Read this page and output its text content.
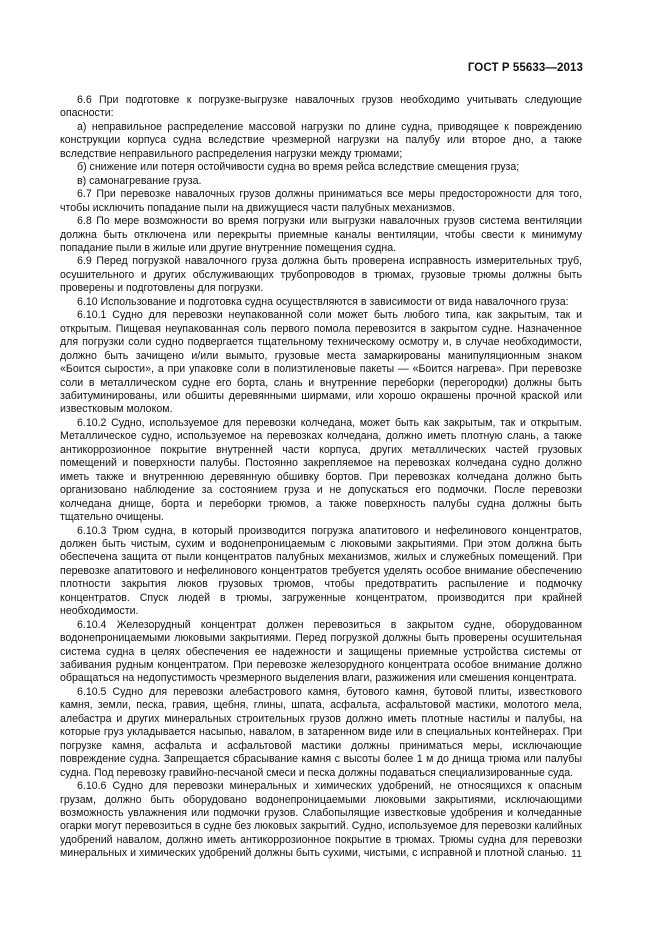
ГОСТ Р 55633—2013

6.6 При подготовке к погрузке-выгрузке навалочных грузов необходимо учитывать следующие опасности:

а) неправильное распределение массовой нагрузки по длине судна, приводящее к повреждению конструкции корпуса судна вследствие чрезмерной нагрузки на палубу или второе дно, а также вследствие неправильного распределения нагрузки между трюмами;

б) снижение или потеря остойчивости судна во время рейса вследствие смещения груза;

в) самонагревание груза.

6.7 При перевозке навалочных грузов должны приниматься все меры предосторожности для того, чтобы исключить попадание пыли на движущиеся части палубных механизмов.

6.8 По мере возможности во время погрузки или выгрузки навалочных грузов система вентиляции должна быть отключена или перекрыты приемные каналы вентиляции, чтобы свести к минимуму попадание пыли в жилые или другие внутренние помещения судна.

6.9 Перед погрузкой навалочного груза должна быть проверена исправность измерительных труб, осушительного и других обслуживающих трубопроводов в трюмах, грузовые трюмы должны быть проверены и подготовлены для погрузки.

6.10 Использование и подготовка судна осуществляются в зависимости от вида навалочного груза:

6.10.1 Судно для перевозки неупакованной соли может быть любого типа, как закрытым, так и открытым. Пищевая неупакованная соль первого помола перевозится в закрытом судне. Назначенное для погрузки соли судно подвергается тщательному техническому осмотру и, в случае необходимости, должно быть зачищено и/или вымыто, грузовые места замаркированы манипуляционным знаком «Боится сырости», а при упаковке соли в полиэтиленовые пакеты — «Боится нагрева». При перевозке соли в металлическом судне его борта, слань и внутренние переборки (перегородки) должны быть забитуминированы, или обшиты деревянными ширмами, или хорошо окрашены прочной краской или известковым молоком.

6.10.2 Судно, используемое для перевозки колчедана, может быть как закрытым, так и открытым. Металлическое судно, используемое на перевозках колчедана, должно иметь плотную слань, а также антикоррозионное покрытие внутренней части корпуса, других металлических частей грузовых помещений и поверхности палубы. Постоянно закрепляемое на перевозках колчедана судно должно иметь также и внутреннюю деревянную обшивку бортов. При перевозках колчедана должно быть организовано наблюдение за состоянием груза и не допускаться его подмочки. После перевозки колчедана днище, борта и переборки трюмов, а также поверхность палубы судна должны быть тщательно очищены.

6.10.3 Трюм судна, в который производится погрузка апатитового и нефелинового концентратов, должен быть чистым, сухим и водонепроницаемым с люковыми закрытиями. При этом должна быть обеспечена защита от пыли концентратов палубных механизмов, жилых и служебных помещений. При перевозке апатитового и нефелинового концентратов требуется уделять особое внимание обеспечению плотности закрытия люков грузовых трюмов, чтобы предотвратить распыление и подмочку концентратов. Спуск людей в трюмы, загруженные концентратом, производится при крайней необходимости.

6.10.4 Железорудный концентрат должен перевозиться в закрытом судне, оборудованном водонепроницаемыми люковыми закрытиями. Перед погрузкой должны быть проверены осушительная система судна в целях обеспечения ее надежности и защищены приемные устройства системы от забивания рудным концентратом. При перевозке железорудного концентрата особое внимание должно обращаться на недопустимость чрезмерного выделения влаги, разжижения или смешения концентрата.

6.10.5 Судно для перевозки алебастрового камня, бутового камня, бутовой плиты, известкового камня, земли, песка, гравия, щебня, глины, шпата, асфальта, асфальтовой мастики, молотого мела, алебастра и других минеральных строительных грузов должно иметь плотные настилы и палубы, на которые груз укладывается насыпью, навалом, в затаренном виде или в специальных контейнерах. При погрузке камня, асфальта и асфальтовой мастики должны приниматься меры, исключающие повреждение судна. Запрещается сбрасывание камня с высоты более 1 м до днища трюма или палубы судна. Под перевозку гравийно-песчаной смеси и песка должны подаваться специализированные суда.

6.10.6 Судно для перевозки минеральных и химических удобрений, не относящихся к опасным грузам, должно быть оборудовано водонепроницаемыми люковыми закрытиями, исключающими возможность увлажнения или подмочки грузов. Слабопылящие известковые удобрения и колчеданные огарки могут перевозиться в судне без люковых закрытий. Судно, используемое для перевозки калийных удобрений навалом, должно иметь антикоррозионное покрытие в трюмах. Трюмы судна для перевозки минеральных и химических удобрений должны быть сухими, чистыми, с исправной и плотной сланью. 11
